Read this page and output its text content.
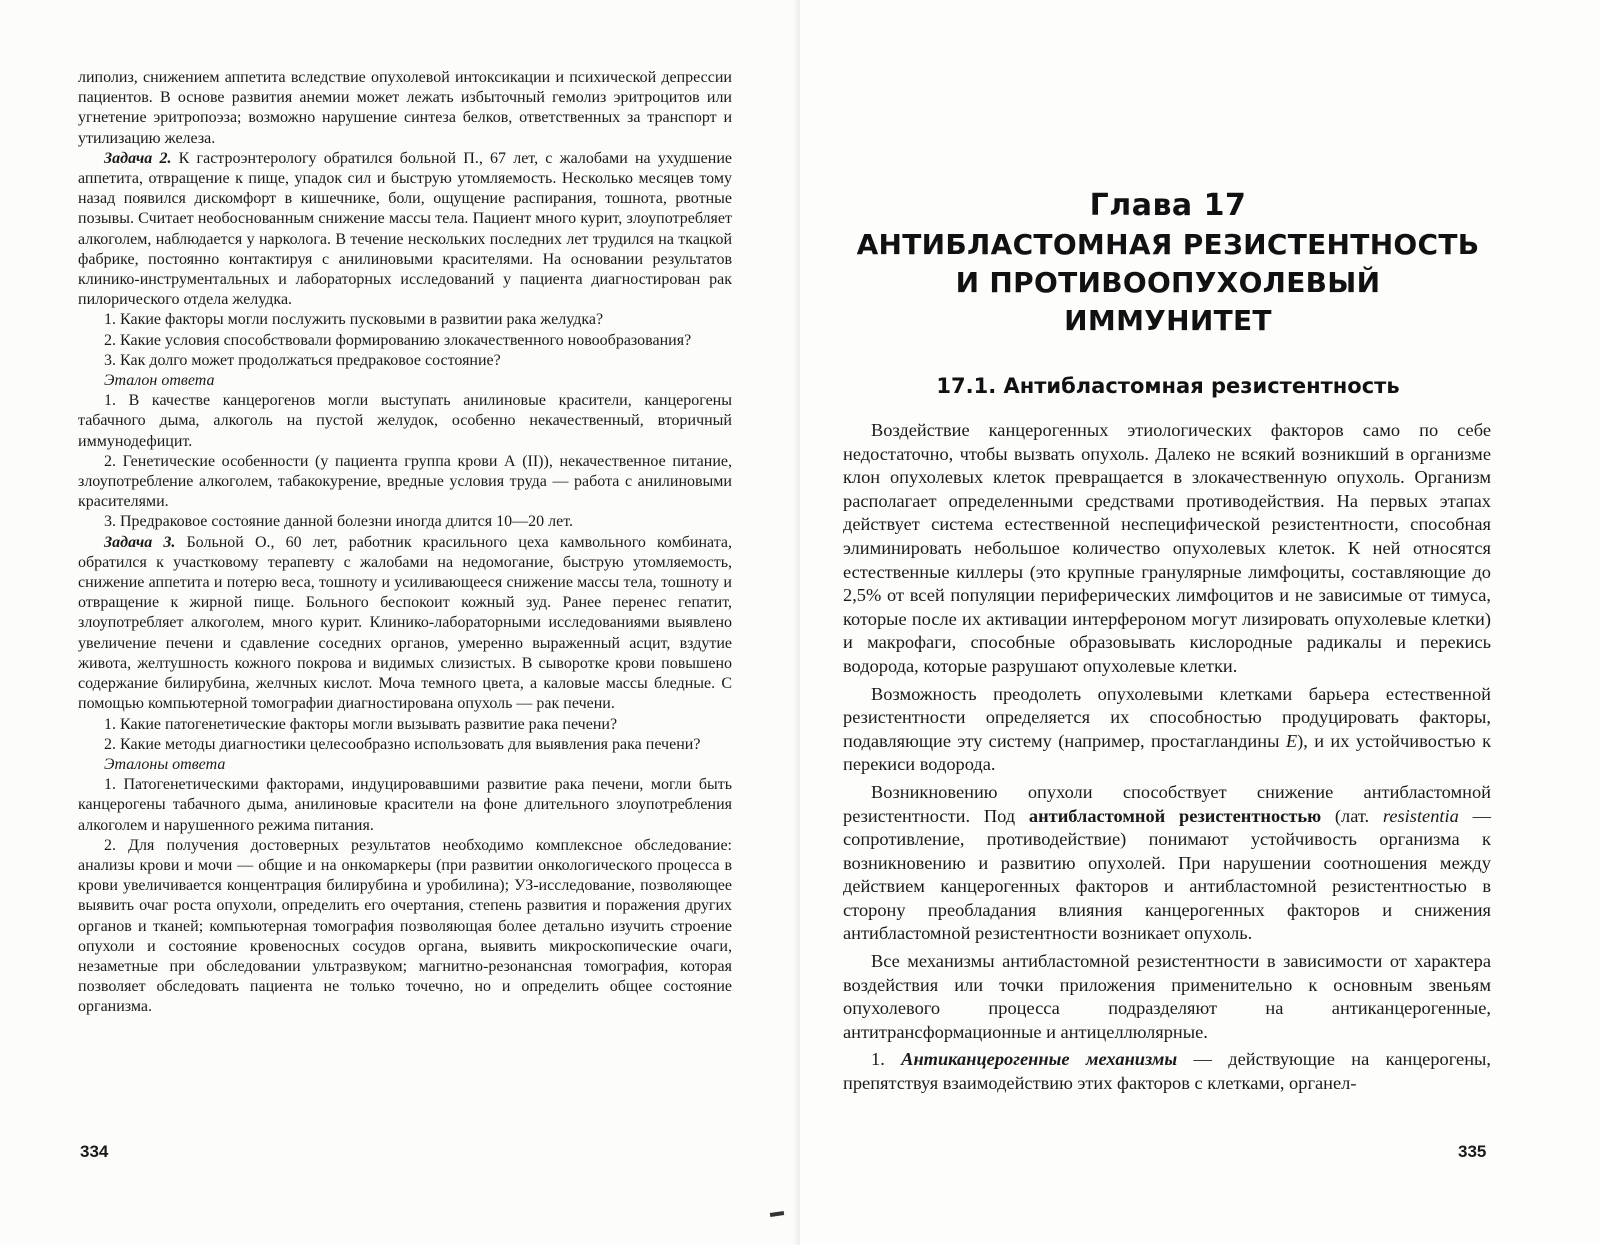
липолиз, снижением аппетита вследствие опухолевой интоксикации и психической депрессии пациентов. В основе развития анемии может лежать избыточный гемолиз эритроцитов или угнетение эритропоэза; возможно нарушение синтеза белков, ответственных за транспорт и утилизацию железа.

Задача 2. К гастроэнтерологу обратился больной П., 67 лет, с жалобами на ухудшение аппетита, отвращение к пище, упадок сил и быструю утомляемость. Несколько месяцев тому назад появился дискомфорт в кишечнике, боли, ощущение распирания, тошнота, рвотные позывы. Считает необоснованным снижение массы тела. Пациент много курит, злоупотребляет алкоголем, наблюдается у нарколога. В течение нескольких последних лет трудился на ткацкой фабрике, постоянно контактируя с анилиновыми красителями. На основании результатов клинико-инструментальных и лабораторных исследований у пациента диагностирован рак пилорического отдела желудка.

1. Какие факторы могли послужить пусковыми в развитии рака желудка?

2. Какие условия способствовали формированию злокачественного новообразования?

3. Как долго может продолжаться предраковое состояние?

Эталон ответа

1. В качестве канцерогенов могли выступать анилиновые красители, канцерогены табачного дыма, алкоголь на пустой желудок, особенно некачественный, вторичный иммунодефицит.

2. Генетические особенности (у пациента группа крови А (II)), некачественное питание, злоупотребление алкоголем, табакокурение, вредные условия труда — работа с анилиновыми красителями.

3. Предраковое состояние данной болезни иногда длится 10—20 лет.

Задача 3. Больной О., 60 лет, работник красильного цеха камвольного комбината, обратился к участковому терапевту с жалобами на недомогание, быструю утомляемость, снижение аппетита и потерю веса, тошноту и усиливающееся снижение массы тела, тошноту и отвращение к жирной пище. Больного беспокоит кожный зуд. Ранее перенес гепатит, злоупотребляет алкоголем, много курит. Клинико-лабораторными исследованиями выявлено увеличение печени и сдавление соседних органов, умеренно выраженный асцит, вздутие живота, желтушность кожного покрова и видимых слизистых. В сыворотке крови повышено содержание билирубина, желчных кислот. Моча темного цвета, а каловые массы бледные. С помощью компьютерной томографии диагностирована опухоль — рак печени.

1. Какие патогенетические факторы могли вызывать развитие рака печени?

2. Какие методы диагностики целесообразно использовать для выявления рака печени?

Эталоны ответа

1. Патогенетическими факторами, индуцировавшими развитие рака печени, могли быть канцерогены табачного дыма, анилиновые красители на фоне длительного злоупотребления алкоголем и нарушенного режима питания.

2. Для получения достоверных результатов необходимо комплексное обследование: анализы крови и мочи — общие и на онкомаркеры (при развитии онкологического процесса в крови увеличивается концентрация билирубина и уробилина); УЗ-исследование, позволяющее выявить очаг роста опухоли, определить его очертания, степень развития и поражения других органов и тканей; компьютерная томография позволяющая более детально изучить строение опухоли и состояние кровеносных сосудов органа, выявить микроскопические очаги, незаметные при обследовании ультразвуком; магнитно-резонансная томография, которая позволяет обследовать пациента не только точечно, но и определить общее состояние организма.

334
Глава 17
АНТИБЛАСТОМНАЯ РЕЗИСТЕНТНОСТЬ
И ПРОТИВООПУХОЛЕВЫЙ ИММУНИТЕТ
17.1. Антибластомная резистентность

Воздействие канцерогенных этиологических факторов само по себе недостаточно, чтобы вызвать опухоль. Далеко не всякий возникший в организме клон опухолевых клеток превращается в злокачественную опухоль. Организм располагает определенными средствами противодействия. На первых этапах действует система естественной неспецифической резистентности, способная элиминировать небольшое количество опухолевых клеток. К ней относятся естественные киллеры (это крупные гранулярные лимфоциты, составляющие до 2,5% от всей популяции периферических лимфоцитов и не зависимые от тимуса, которые после их активации интерфероном могут лизировать опухолевые клетки) и макрофаги, способные образовывать кислородные радикалы и перекись водорода, которые разрушают опухолевые клетки.

Возможность преодолеть опухолевыми клетками барьера естественной резистентности определяется их способностью продуцировать факторы, подавляющие эту систему (например, простагландины E), и их устойчивостью к перекиси водорода.

Возникновению опухоли способствует снижение антибластомной резистентности. Под антибластомной резистентностью (лат. resistentia — сопротивление, противодействие) понимают устойчивость организма к возникновению и развитию опухолей. При нарушении соотношения между действием канцерогенных факторов и антибластомной резистентностью в сторону преобладания влияния канцерогенных факторов и снижения антибластомной резистентности возникает опухоль.

Все механизмы антибластомной резистентности в зависимости от характера воздействия или точки приложения применительно к основным звеньям опухолевого процесса подразделяют на антиканцерогенные, антитрансформационные и антицеллюлярные.

1. Антиканцерогенные механизмы — действующие на канцерогены, препятствуя взаимодействию этих факторов с клетками, органел-

335
